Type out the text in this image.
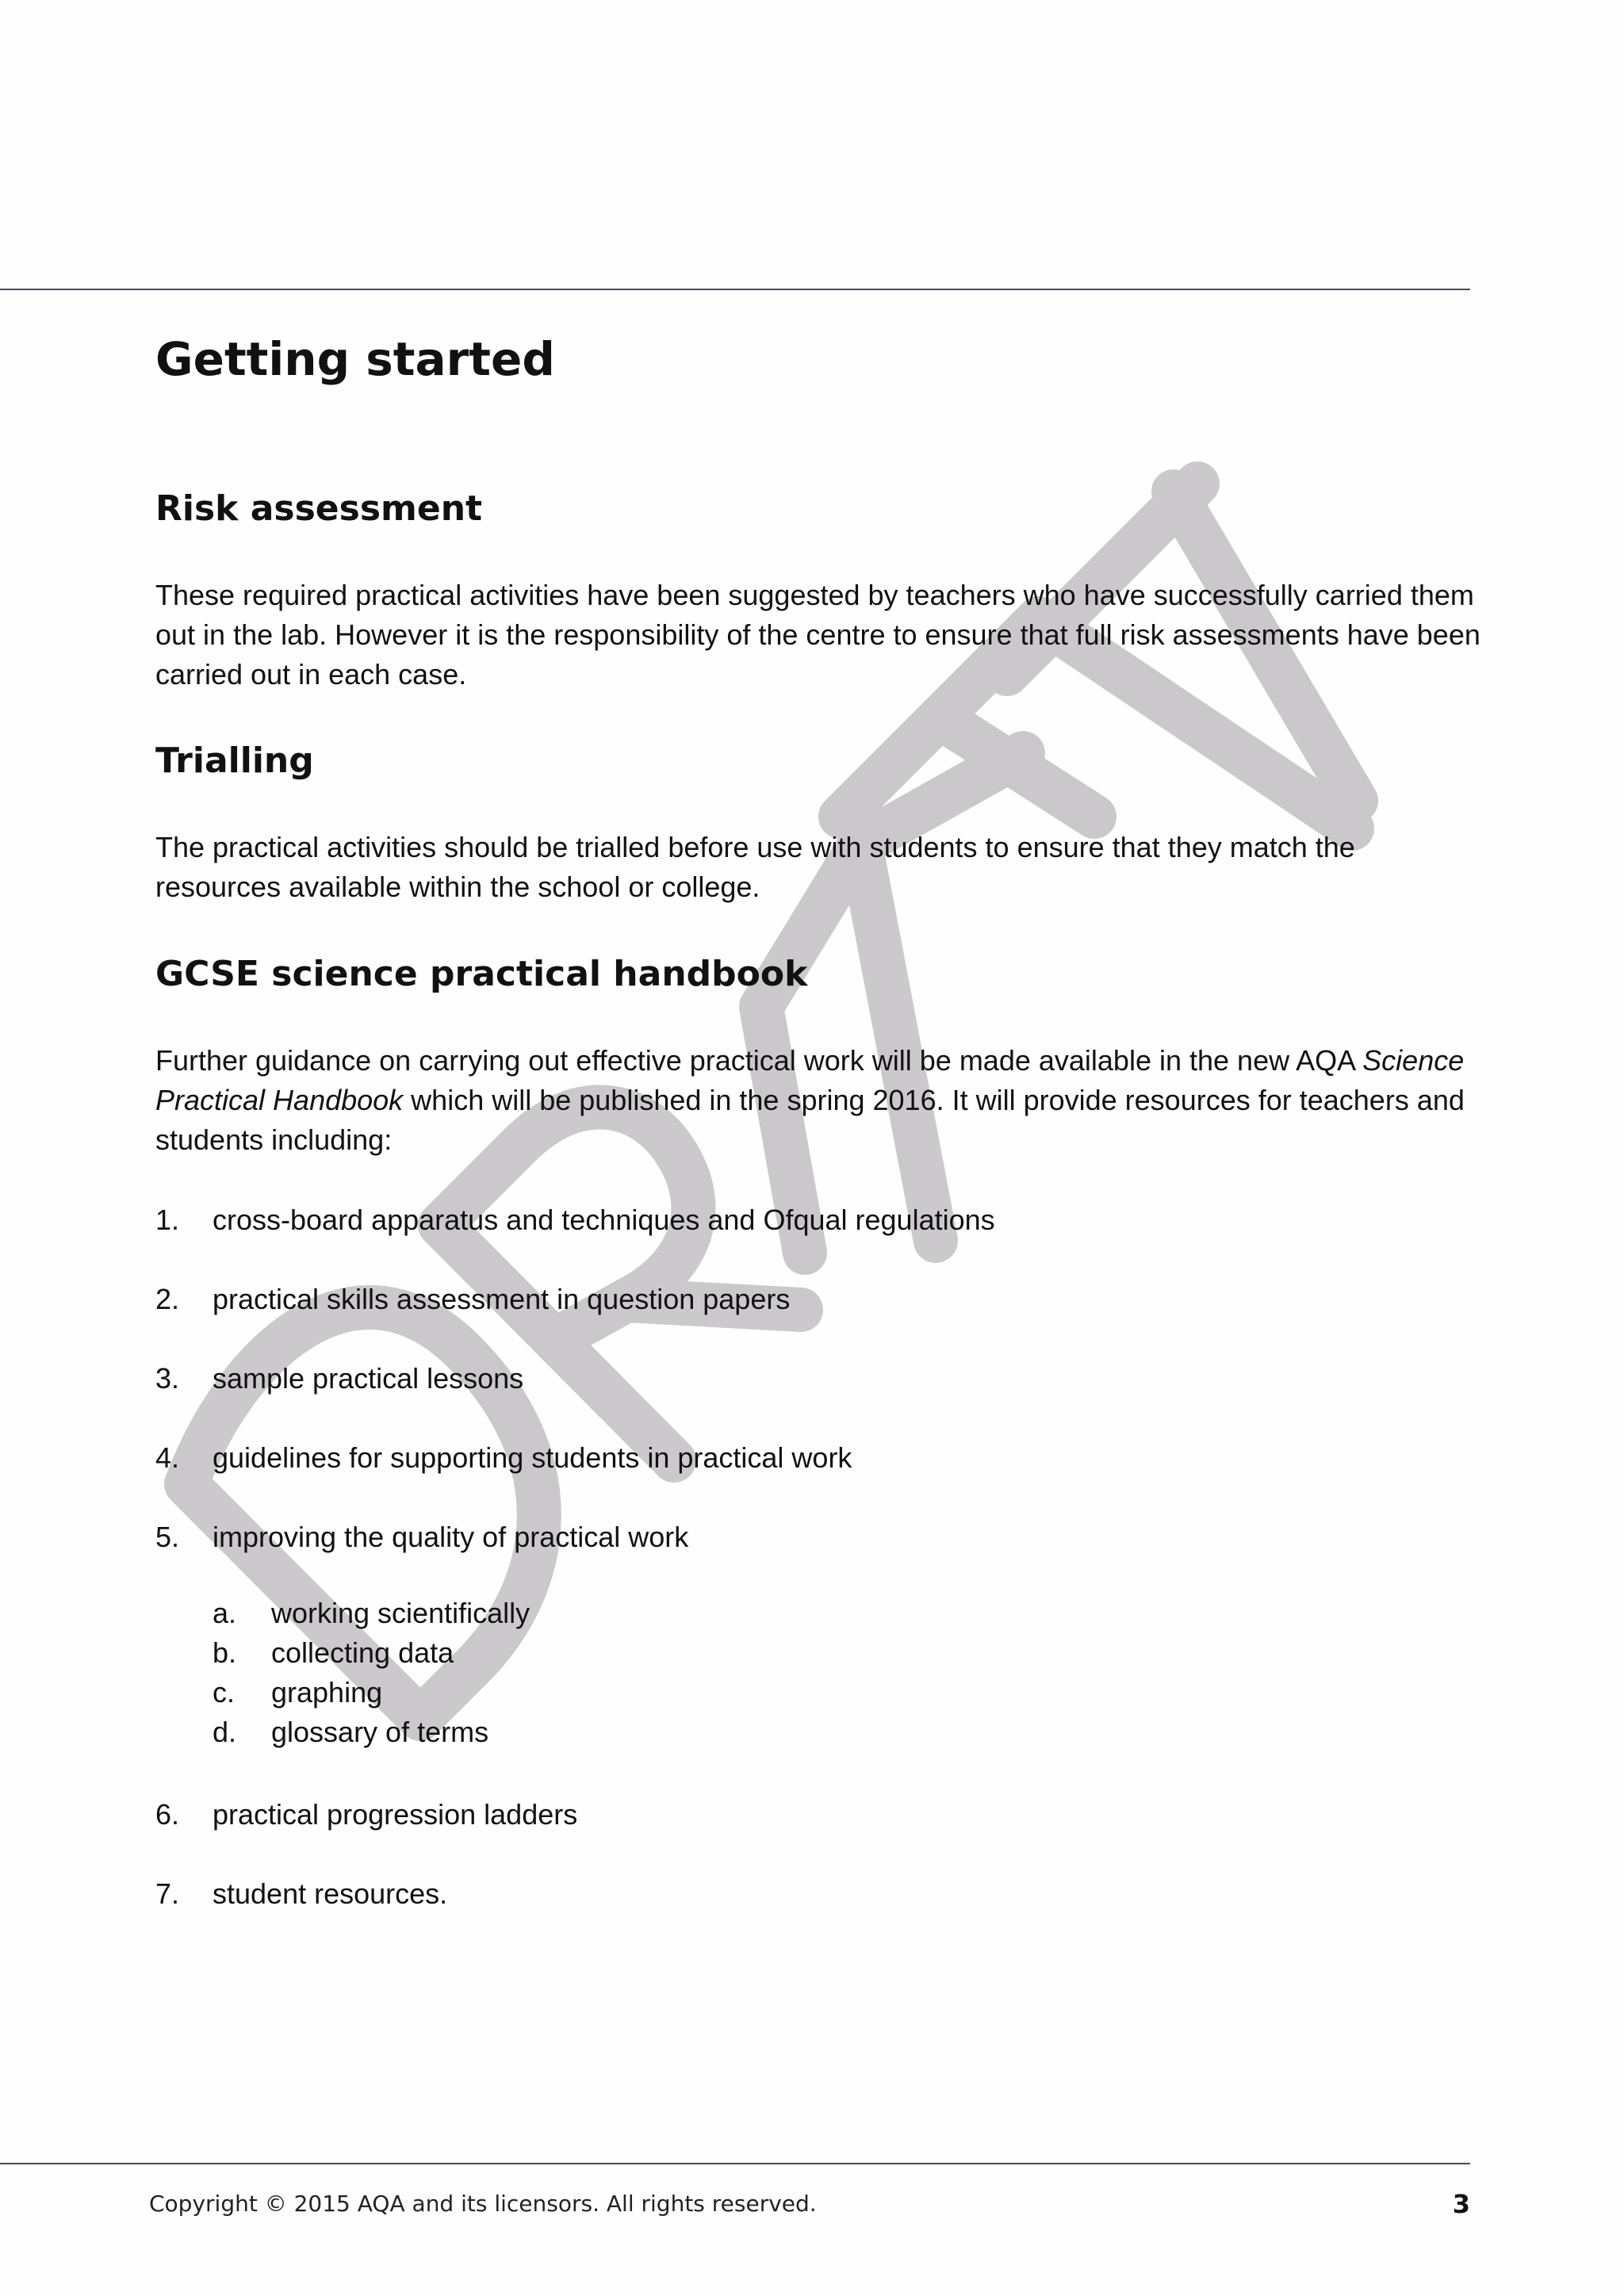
Getting started
Risk assessment

These required practical activities have been suggested by teachers who have successfully carried them out in the lab. However it is the responsibility of the centre to ensure that full risk assessments have been carried out in each case.

Trialling

The practical activities should be trialled before use with students to ensure that they match the resources available within the school or college.

GCSE science practical handbook

Further guidance on carrying out effective practical work will be made available in the new AQA Science Practical Handbook which will be published in the spring 2016. It will provide resources for teachers and students including:

1. cross-board apparatus and techniques and Ofqual regulations
2. practical skills assessment in question papers
3. sample practical lessons
4. guidelines for supporting students in practical work
5. improving the quality of practical work
a. working scientifically
b. collecting data
c. graphing
d. glossary of terms
6. practical progression ladders
7. student resources.
Copyright © 2015 AQA and its licensors. All rights reserved.	3
